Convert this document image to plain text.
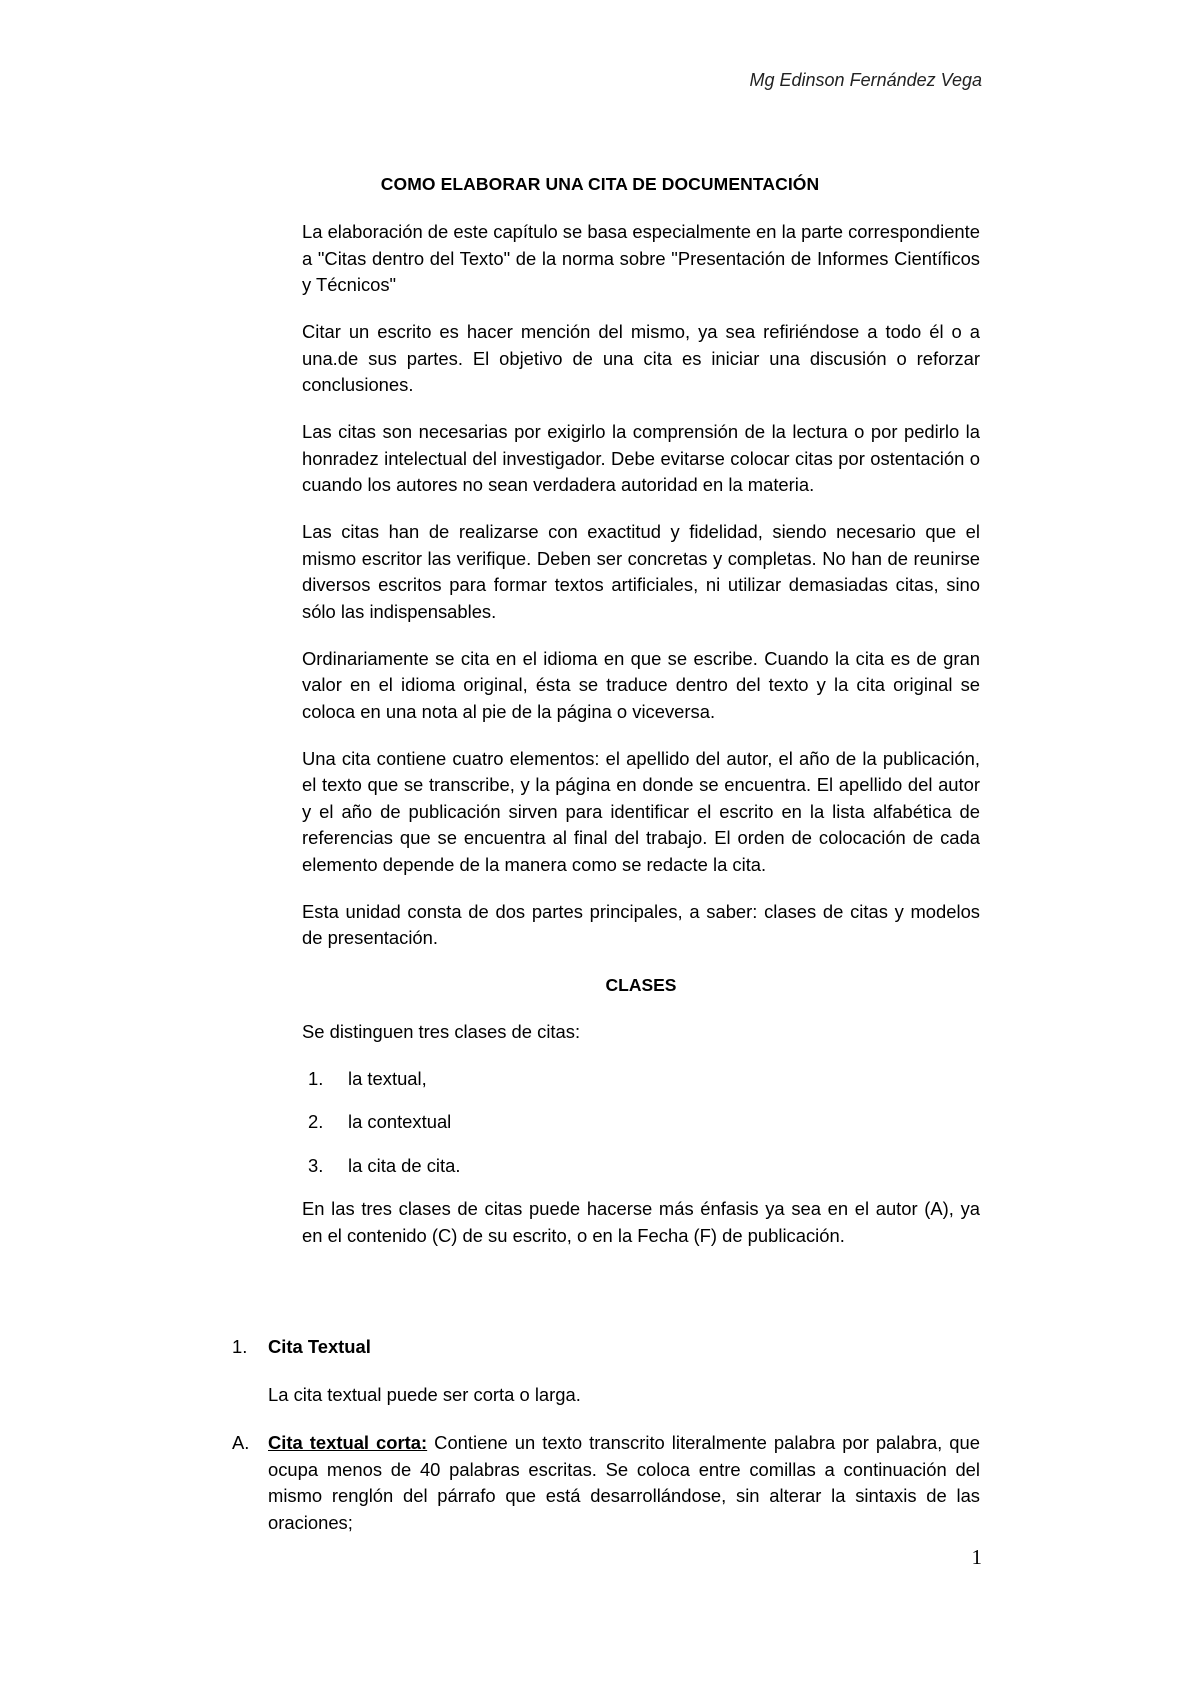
Mg Edinson Fernández Vega
COMO ELABORAR UNA CITA DE DOCUMENTACIÓN

La elaboración de este capítulo se basa especialmente en la parte correspondiente a "Citas dentro del Texto" de la norma sobre "Presentación de Informes Científicos y Técnicos"

Citar un escrito es hacer mención del mismo, ya sea refiriéndose a todo él o a una.de sus partes. El objetivo de una cita es iniciar una discusión o reforzar conclusiones.

Las citas son necesarias por exigirlo la comprensión de la lectura o por pedirlo la honradez intelectual del investigador. Debe evitarse colocar citas por ostentación o cuando los autores no sean verdadera autoridad en la materia.

Las citas han de realizarse con exactitud y fidelidad, siendo necesario que el mismo escritor las verifique. Deben ser concretas y completas. No han de reunirse diversos escritos para formar textos artificiales, ni utilizar demasiadas citas, sino sólo las indispensables.

Ordinariamente se cita en el idioma en que se escribe. Cuando la cita es de gran valor en el idioma original, ésta se traduce dentro del texto y la cita original se coloca en una nota al pie de la página o viceversa.

Una cita contiene cuatro elementos: el apellido del autor, el año de la publicación, el texto que se transcribe, y la página en donde se encuentra. El apellido del autor y el año de publicación sirven para identificar el escrito en la lista alfabética de referencias que se encuentra al final del trabajo. El orden de colocación de cada elemento depende de la manera como se redacte la cita.

Esta unidad consta de dos partes principales, a saber: clases de citas y modelos de presentación.

CLASES

Se distinguen tres clases de citas:

1.	la textual,
2.	la contextual
3.	la cita de cita.

En las tres clases de citas puede hacerse más énfasis ya sea en el autor (A), ya en el contenido (C) de su escrito, o en la Fecha (F) de publicación.

1.	Cita Textual
La cita textual puede ser corta o larga.
A.	Cita textual corta: Contiene un texto transcrito literalmente palabra por palabra, que ocupa menos de 40 palabras escritas. Se coloca entre comillas a continuación del mismo renglón del párrafo que está desarrollándose, sin alterar la sintaxis de las oraciones;
1
